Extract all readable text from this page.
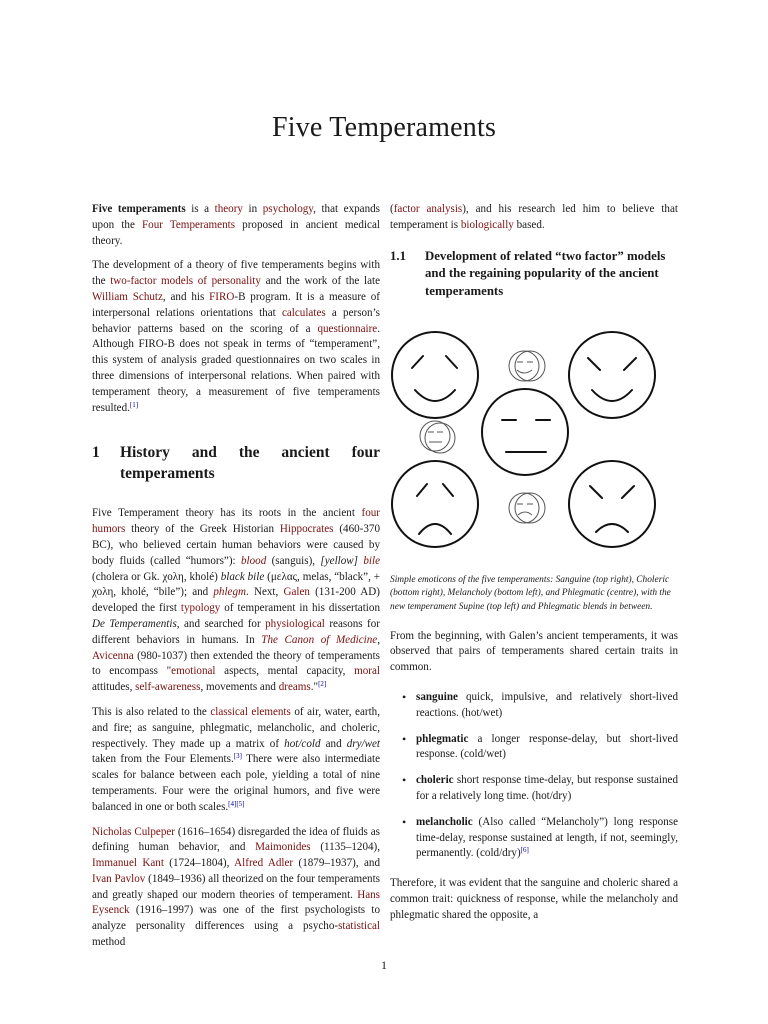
Five Temperaments

Five temperaments is a theory in psychology, that expands upon the Four Temperaments proposed in ancient medical theory.

The development of a theory of five temperaments begins with the two-factor models of personality and the work of the late William Schutz, and his FIRO-B program. It is a measure of interpersonal relations orientations that calculates a person’s behavior patterns based on the scoring of a questionnaire. Although FIRO-B does not speak in terms of “temperament”, this system of analysis graded questionnaires on two scales in three dimensions of interpersonal relations. When paired with temperament theory, a measurement of five temperaments resulted.[1]

1	History and the ancient four temperaments

Five Temperament theory has its roots in the ancient four humors theory of the Greek Historian Hippocrates (460-370 BC), who believed certain human behaviors were caused by body fluids (called “humors”): blood (sanguis), [yellow] bile (cholera or Gk. χολη, kholé) black bile (μελας, melas, “black”, + χολη, kholé, “bile”); and phlegm. Next, Galen (131-200 AD) developed the first typology of temperament in his dissertation De Temperamentis, and searched for physiological reasons for different behaviors in humans. In The Canon of Medicine, Avicenna (980-1037) then extended the theory of temperaments to encompass "emotional aspects, mental capacity, moral attitudes, self-awareness, movements and dreams."[2]

This is also related to the classical elements of air, water, earth, and fire; as sanguine, phlegmatic, melancholic, and choleric, respectively. They made up a matrix of hot/cold and dry/wet taken from the Four Elements.[3] There were also intermediate scales for balance between each pole, yielding a total of nine temperaments. Four were the original humors, and five were balanced in one or both scales.[4][5]

Nicholas Culpeper (1616–1654) disregarded the idea of fluids as defining human behavior, and Maimonides (1135–1204), Immanuel Kant (1724–1804), Alfred Adler (1879–1937), and Ivan Pavlov (1849–1936) all theorized on the four temperaments and greatly shaped our modern theories of temperament. Hans Eysenck (1916–1997) was one of the first psychologists to analyze personality differences using a psycho-statistical method

(factor analysis), and his research led him to believe that temperament is biologically based.

1.1	Development of related “two factor” models and the regaining popularity of the ancient temperaments

Simple emoticons of the five temperaments: Sanguine (top right), Choleric (bottom right), Melancholy (bottom left), and Phlegmatic (centre), with the new temperament Supine (top left) and Phlegmatic blends in between.

From the beginning, with Galen’s ancient temperaments, it was observed that pairs of temperaments shared certain traits in common.

• sanguine quick, impulsive, and relatively short-lived reactions. (hot/wet)
• phlegmatic a longer response-delay, but short-lived response. (cold/wet)
• choleric short response time-delay, but response sustained for a relatively long time. (hot/dry)
• melancholic (Also called “Melancholy”) long response time-delay, response sustained at length, if not, seemingly, permanently. (cold/dry)[6]

Therefore, it was evident that the sanguine and choleric shared a common trait: quickness of response, while the melancholy and phlegmatic shared the opposite, a

1
